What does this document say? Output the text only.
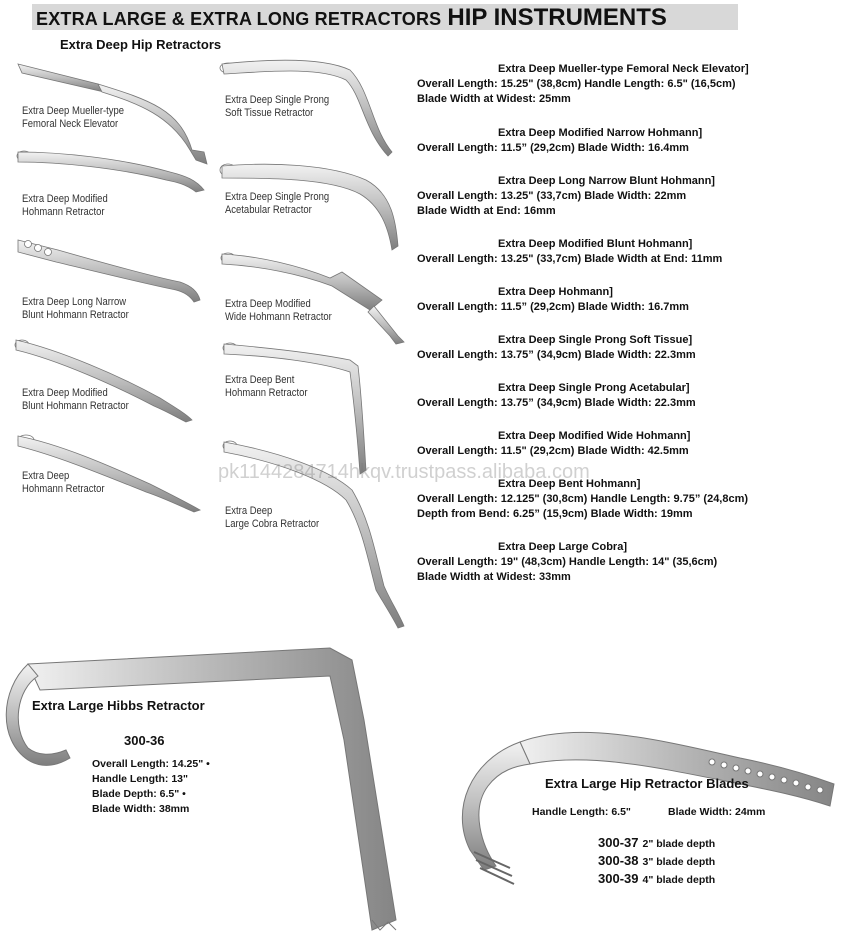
EXTRA LARGE & EXTRA LONG RETRACTORS HIP INSTRUMENTS
Extra Deep Hip Retractors
Extra Deep Mueller-type
Femoral Neck Elevator
Extra Deep Single Prong
Soft Tissue Retractor
Extra Deep Modified
Hohmann Retractor
Extra Deep Single Prong
Acetabular Retractor
Extra Deep Long Narrow
Blunt Hohmann Retractor
Extra Deep Modified
Wide Hohmann Retractor
Extra Deep Modified
Blunt Hohmann Retractor
Extra Deep Bent
Hohmann Retractor
Extra Deep
Hohmann Retractor
Extra Deep
Large Cobra Retractor
Extra Deep Mueller-type Femoral Neck Elevator]
Overall Length: 15.25" (38,8cm) Handle Length: 6.5" (16,5cm)
Blade Width at Widest: 25mm
Extra Deep Modified Narrow Hohmann]
Overall Length: 11.5” (29,2cm) Blade Width: 16.4mm
Extra Deep Long Narrow Blunt Hohmann]
Overall Length: 13.25" (33,7cm) Blade Width: 22mm
Blade Width at End: 16mm
Extra Deep Modified Blunt Hohmann]
Overall Length: 13.25" (33,7cm) Blade Width at End: 11mm
Extra Deep Hohmann]
Overall Length: 11.5” (29,2cm) Blade Width: 16.7mm
Extra Deep Single Prong Soft Tissue]
Overall Length: 13.75” (34,9cm) Blade Width: 22.3mm
Extra Deep Single Prong Acetabular]
Overall Length: 13.75” (34,9cm) Blade Width: 22.3mm
Extra Deep Modified Wide Hohmann]
Overall Length: 11.5" (29,2cm) Blade Width: 42.5mm
Extra Deep Bent Hohmann]
Overall Length: 12.125" (30,8cm) Handle Length: 9.75” (24,8cm)
Depth from Bend: 6.25” (15,9cm) Blade Width: 19mm
Extra Deep Large Cobra]
Overall Length: 19" (48,3cm) Handle Length: 14" (35,6cm)
Blade Width at Widest: 33mm
pk1144284714hkqv.trustpass.alibaba.com
Extra Large Hibbs Retractor
300-36
Overall Length: 14.25" •
Handle Length: 13"
Blade Depth: 6.5" •
Blade Width: 38mm
Extra Large Hip Retractor Blades
Handle Length: 6.5"	Blade Width: 24mm
300-37 2" blade depth
300-38 3" blade depth
300-39 4" blade depth
